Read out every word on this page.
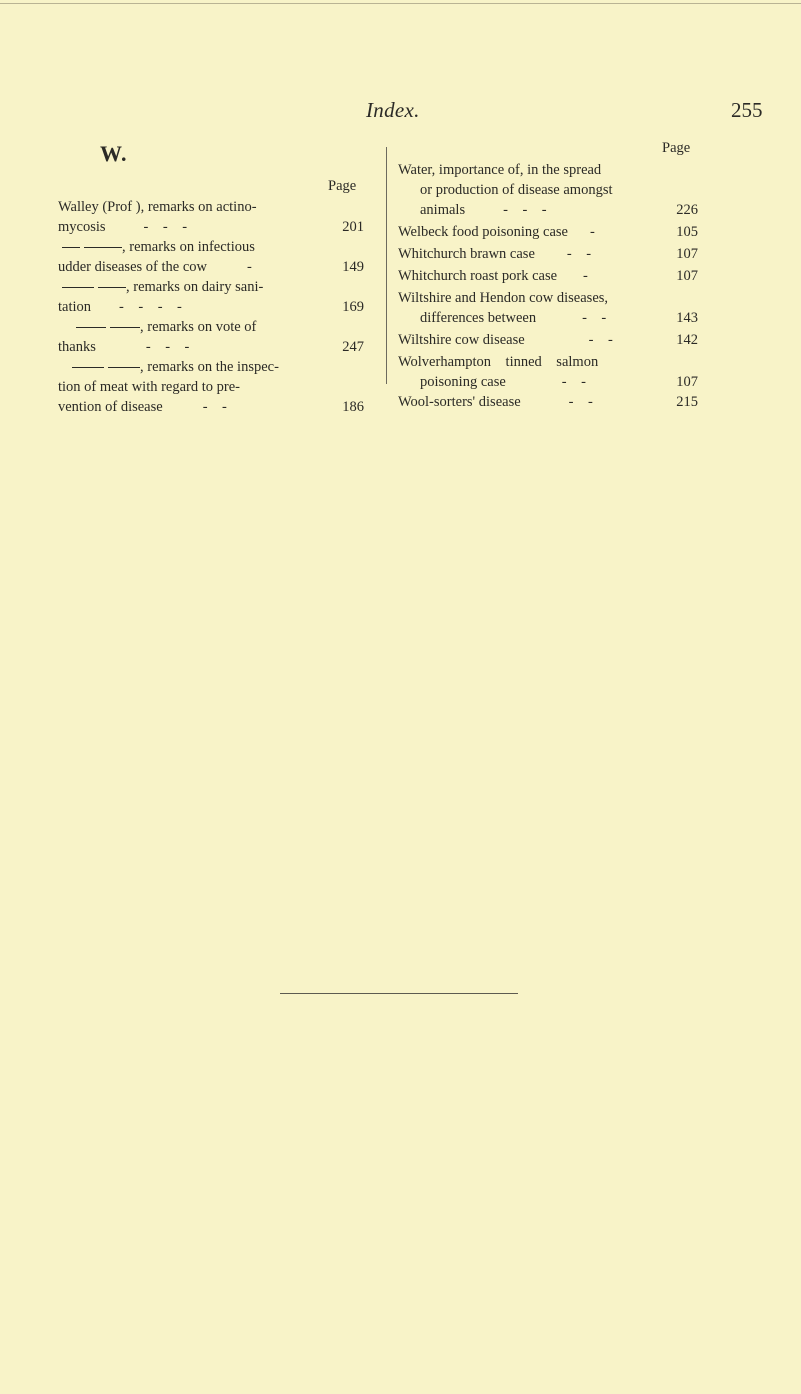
Index.	255
W.
Page
Walley (Prof ), remarks on actino-
mycosis	-    -    -	201
, remarks on infectious
udder diseases of the cow	-	149
, remarks on dairy sani-
tation -    -    -    -	169
, remarks on vote of
thanks	-    -    -	247
, remarks on the inspec-
tion of meat with regard to pre-
vention of disease	-    -	186
Page
Water, importance of, in the spread
or production of disease amongst
animals	-    -    -	226
Welbeck food poisoning case -	105
Whitchurch brawn case -    -	107
Whitchurch roast pork case -	107
Wiltshire and Hendon cow diseases,
differences between	-    -	143
Wiltshire cow disease	-    -	142
Wolverhampton    tinned    salmon
poisoning case	-    -	107
Wool-sorters' disease	-    -	215
